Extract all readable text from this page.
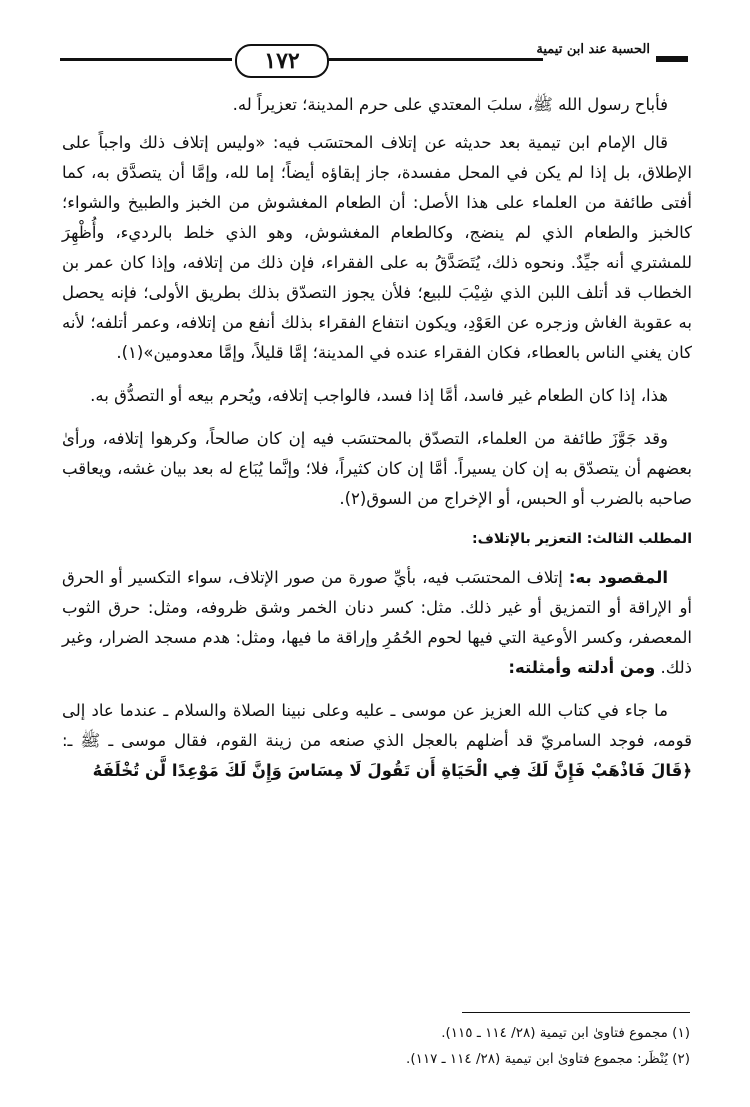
١٧٢	الحسبة عند ابن تيمية

فأباح رسول الله ﷺ، سلبَ المعتدي على حرم المدينة؛ تعزيراً له.

قال الإمام ابن تيمية بعد حديثه عن إتلاف المحتسَب فيه: «وليس إتلاف ذلك واجباً على الإطلاق، بل إذا لم يكن في المحل مفسدة، جاز إبقاؤه أيضاً؛ إما لله، وإمَّا أن يتصدَّق به، كما أفتى طائفة من العلماء على هذا الأصل: أن الطعام المغشوش من الخبز والطبيخ والشواء؛ كالخبز والطعام الذي لم ينضج، وكالطعام المغشوش، وهو الذي خلط بالرديء، وأُظْهِرَ للمشتري أنه جيِّدٌ. ونحوه ذلك، يُتَصَدَّقُ به على الفقراء، فإن ذلك من إتلافه، وإذا كان عمر بن الخطاب قد أتلف اللبن الذي شِيْبَ للبيع؛ فلأن يجوز التصدّق بذلك بطريق الأولى؛ فإنه يحصل به عقوبة الغاش وزجره عن العَوْدِ، ويكون انتفاع الفقراء بذلك أنفع من إتلافه، وعمر أتلفه؛ لأنه كان يغني الناس بالعطاء، فكان الفقراء عنده في المدينة؛ إمَّا قليلاً، وإمَّا معدومين»(١).

هذا، إذا كان الطعام غير فاسد، أمَّا إذا فسد، فالواجب إتلافه، ويُحرم بيعه أو التصدُّق به.

وقد جَوَّزَ طائفة من العلماء، التصدّق بالمحتسَب فيه إن كان صالحاً، وكرهوا إتلافه، ورأىٰ بعضهم أن يتصدّق به إن كان يسيراً. أمَّا إن كان كثيراً، فلا؛ وإنَّما يُبَاع له بعد بيان غشه، ويعاقب صاحبه بالضرب أو الحبس، أو الإخراج من السوق(٢).

المطلب الثالث: التعزير بالإتلاف:

المقصود به: إتلاف المحتسَب فيه، بأيِّ صورة من صور الإتلاف، سواء التكسير أو الحرق أو الإراقة أو التمزيق أو غير ذلك. مثل: كسر دنان الخمر وشق ظروفه، ومثل: حرق الثوب المعصفر، وكسر الأوعية التي فيها لحوم الحُمُرِ وإراقة ما فيها، ومثل: هدم مسجد الضرار، وغير ذلك. ومن أدلته وأمثلته:

ما جاء في كتاب الله العزيز عن موسى ـ عليه وعلى نبينا الصلاة والسلام ـ عندما عاد إلى قومه، فوجد السامريّ قد أضلهم بالعجل الذي صنعه من زينة القوم، فقال موسى ـ ﷺ ـ: ﴿قَالَ فَاذْهَبْ فَإِنَّ لَكَ فِي الْحَيَاةِ أَن تَقُولَ لَا مِسَاسَ وَإِنَّ لَكَ مَوْعِدًا لَّن تُخْلَفَهُ

(١) مجموع فتاوىٰ ابن تيمية (٢٨/ ١١٤ ـ ١١٥).
(٢) يُنْظَر: مجموع فتاوىٰ ابن تيمية (٢٨/ ١١٤ ـ ١١٧).
